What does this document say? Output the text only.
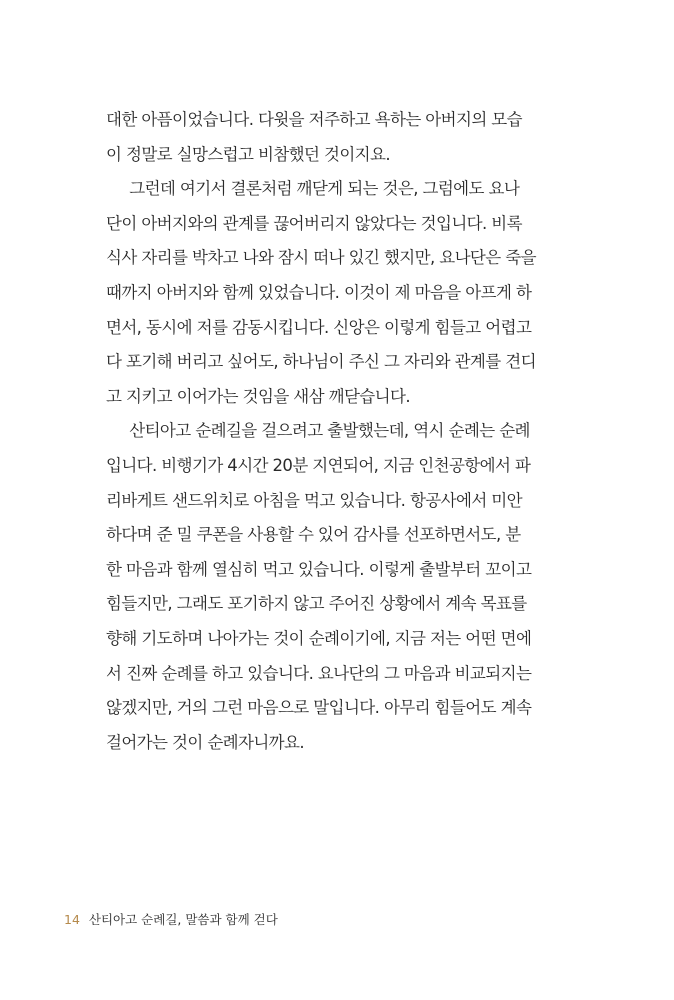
대한 아픔이었습니다. 다윗을 저주하고 욕하는 아버지의 모습
이 정말로 실망스럽고 비참했던 것이지요.
그런데 여기서 결론처럼 깨닫게 되는 것은, 그럼에도 요나
단이 아버지와의 관계를 끊어버리지 않았다는 것입니다. 비록
식사 자리를 박차고 나와 잠시 떠나 있긴 했지만, 요나단은 죽을
때까지 아버지와 함께 있었습니다. 이것이 제 마음을 아프게 하
면서, 동시에 저를 감동시킵니다. 신앙은 이렇게 힘들고 어렵고
다 포기해 버리고 싶어도, 하나님이 주신 그 자리와 관계를 견디
고 지키고 이어가는 것임을 새삼 깨닫습니다.
산티아고 순례길을 걸으려고 출발했는데, 역시 순례는 순례
입니다. 비행기가 4시간 20분 지연되어, 지금 인천공항에서 파
리바게트 샌드위치로 아침을 먹고 있습니다. 항공사에서 미안
하다며 준 밀 쿠폰을 사용할 수 있어 감사를 선포하면서도, 분
한 마음과 함께 열심히 먹고 있습니다. 이렇게 출발부터 꼬이고
힘들지만, 그래도 포기하지 않고 주어진 상황에서 계속 목표를
향해 기도하며 나아가는 것이 순례이기에, 지금 저는 어떤 면에
서 진짜 순례를 하고 있습니다. 요나단의 그 마음과 비교되지는
않겠지만, 거의 그런 마음으로 말입니다. 아무리 힘들어도 계속
걸어가는 것이 순례자니까요.
14 산티아고 순례길, 말씀과 함께 걷다
